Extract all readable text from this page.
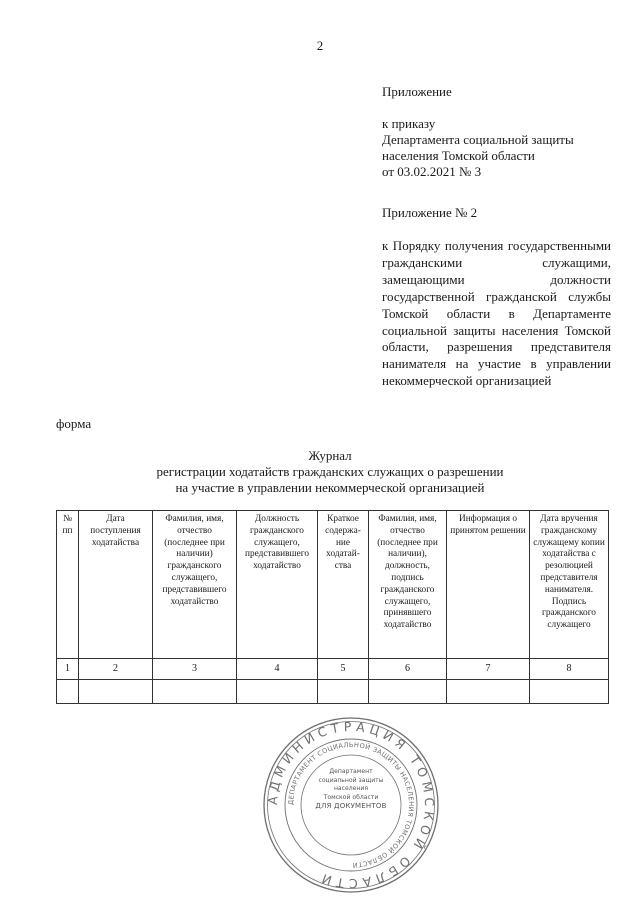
2
Приложение
к приказу
Департамента социальной защиты
населения Томской области
от 03.02.2021 № 3
Приложение № 2
к Порядку получения государственными гражданскими служащими, замещающими должности государственной гражданской службы Томской области в Департаменте социальной защиты населения Томской области, разрешения представителя нанимателя на участие в управлении некоммерческой организацией
форма
Журнал
регистрации ходатайств гражданских служащих о разрешении
на участие в управлении некоммерческой организацией
№ пп	Дата поступления ходатайства	Фамилия, имя, отчество (последнее при наличии) гражданского служащего, представившего ходатайство	Должность гражданского служащего, представившего ходатайство	Краткое содержа-ние ходатай-ства	Фамилия, имя, отчество (последнее при наличии), должность, подпись гражданского служащего, принявшего ходатайство	Информация о принятом решении	Дата вручения гражданскому служащему копии ходатайства с резолюцией представителя нанимателя. Подпись гражданского служащего
1	2	3	4	5	6	7	8

АДМИНИСТРАЦИЯ ТОМСКОЙ ОБЛАСТИ
ДЕПАРТАМЕНТ СОЦИАЛЬНОЙ ЗАЩИТЫ НАСЕЛЕНИЯ ТОМСКОЙ ОБЛАСТИ
Департамент
социальной защиты
населения
Томской области
ДЛЯ ДОКУМЕНТОВ
